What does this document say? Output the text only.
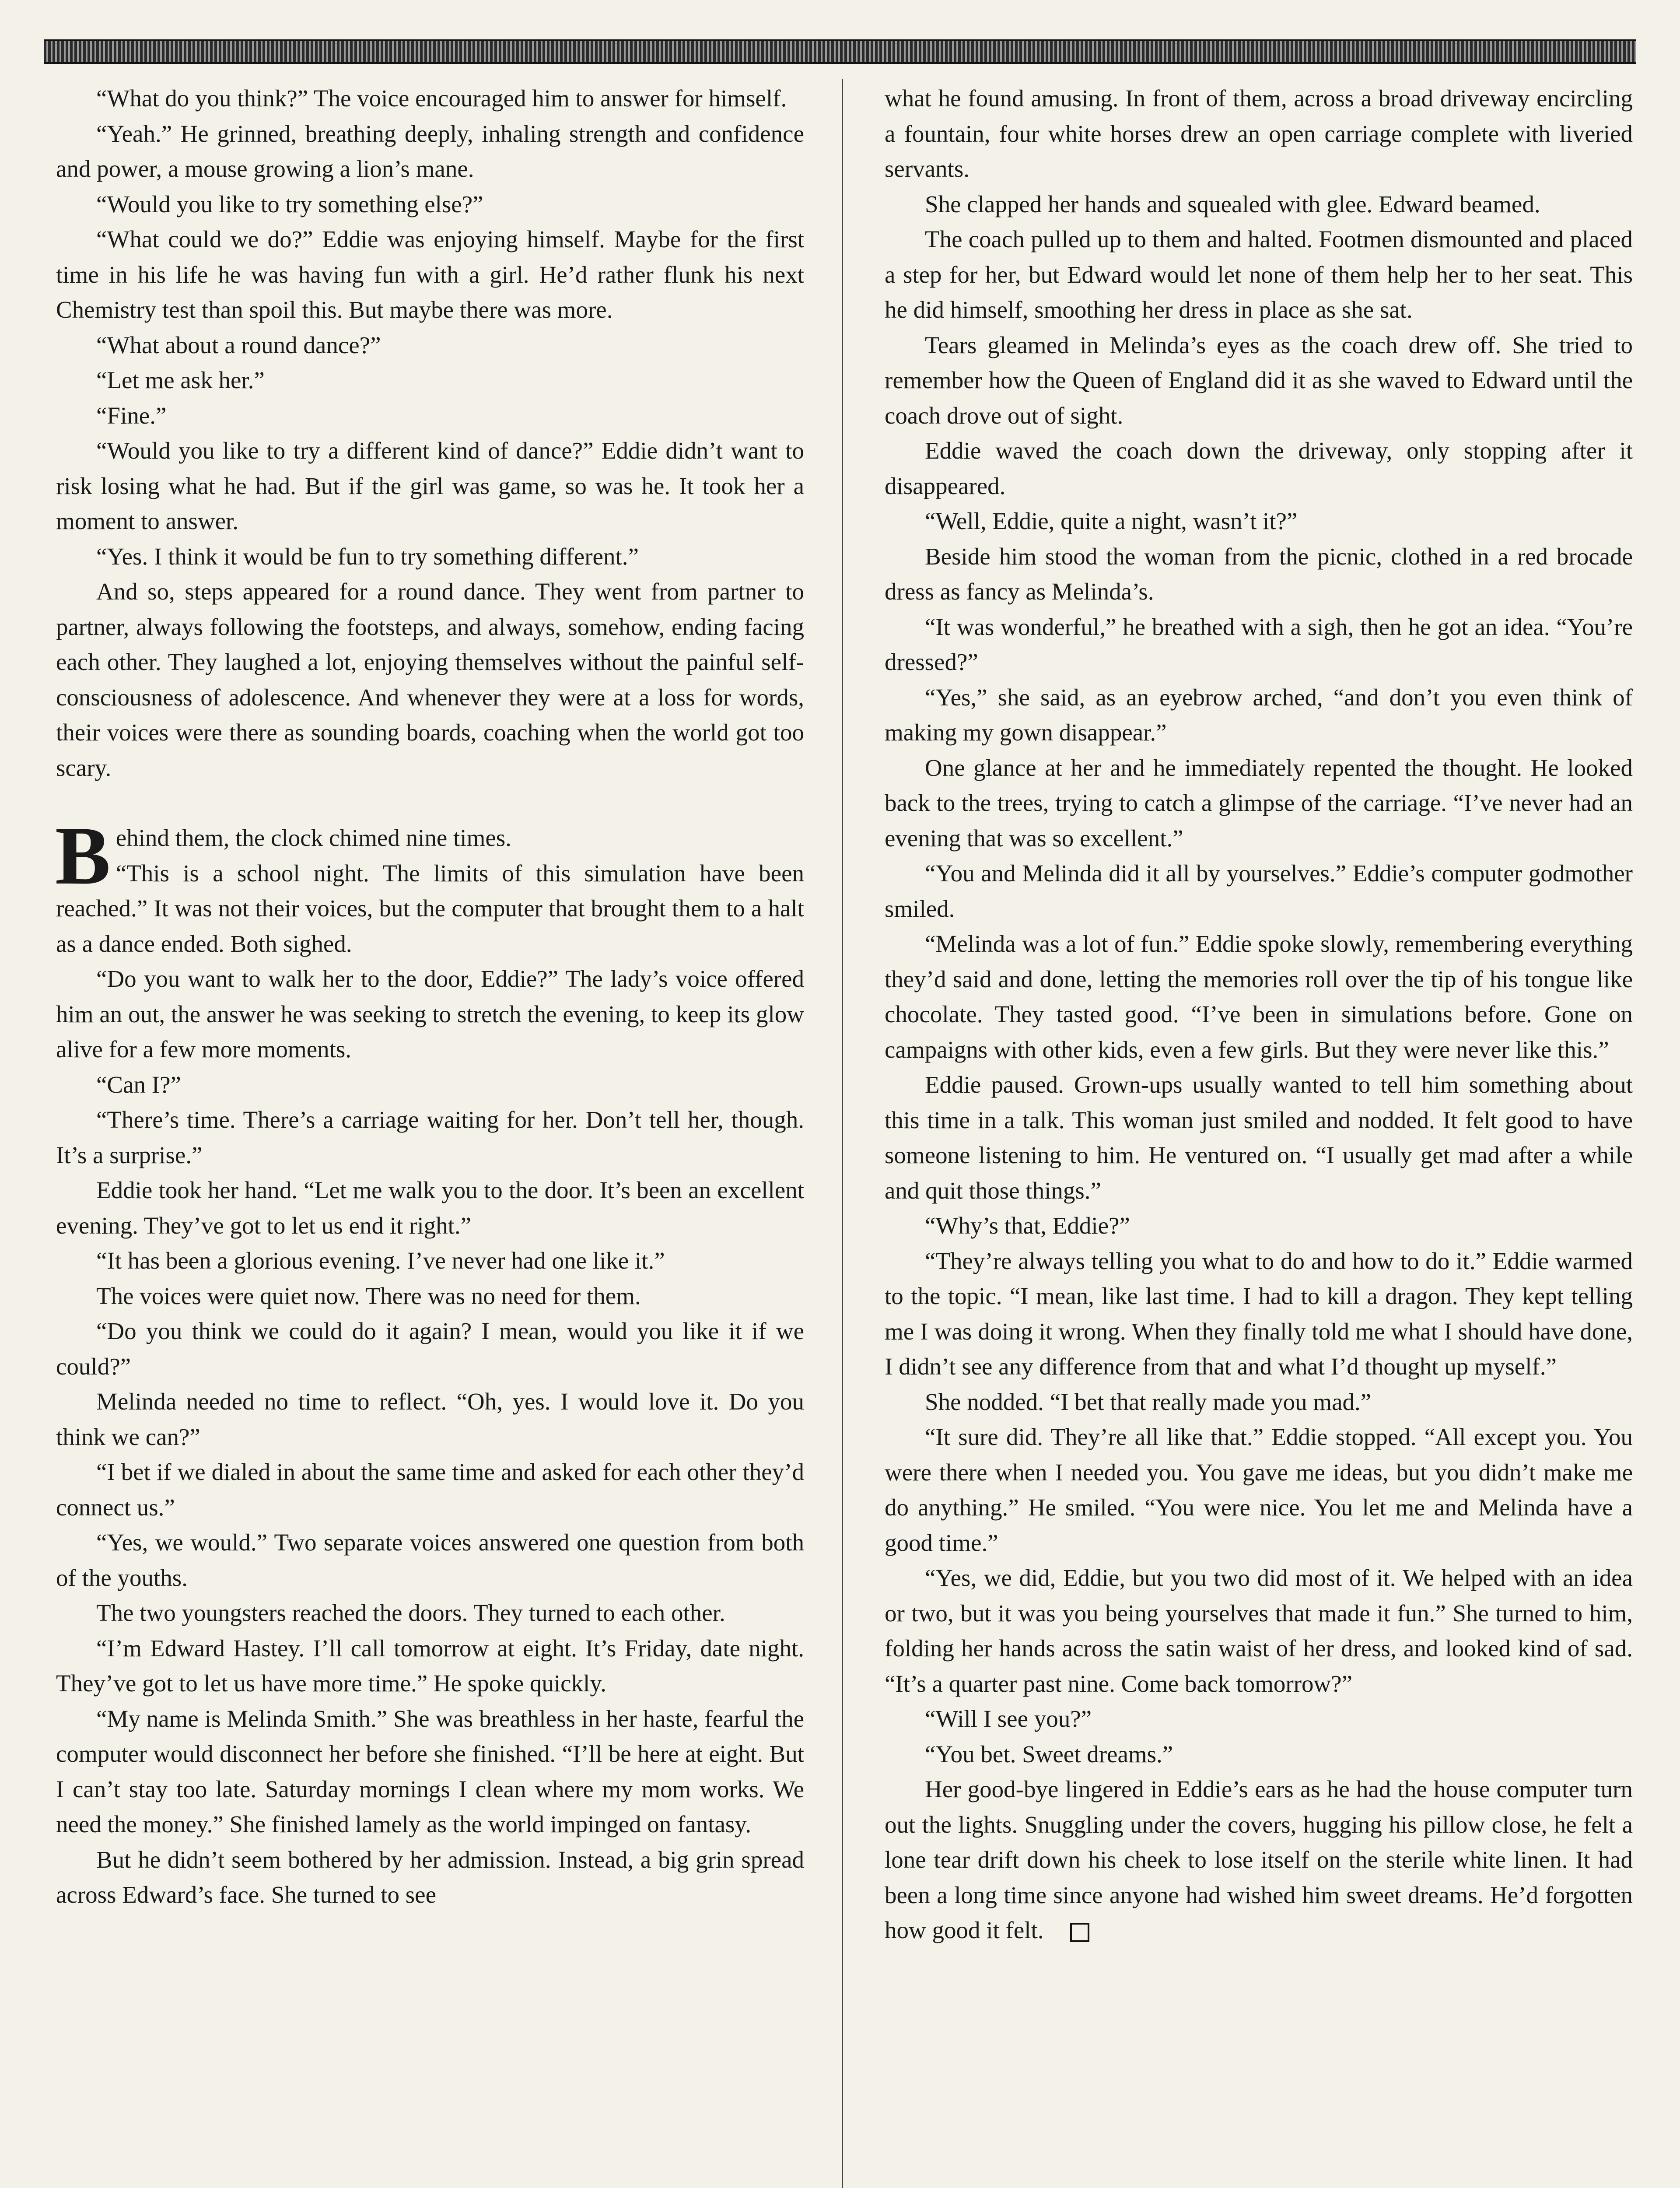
“What do you think?” The voice encouraged him to answer for himself.

“Yeah.” He grinned, breathing deeply, inhaling strength and confidence and power, a mouse growing a lion’s mane.

“Would you like to try something else?”

“What could we do?” Eddie was enjoying himself. Maybe for the first time in his life he was having fun with a girl. He’d rather flunk his next Chemistry test than spoil this. But maybe there was more.

“What about a round dance?”

“Let me ask her.”

“Fine.”

“Would you like to try a different kind of dance?” Eddie didn’t want to risk losing what he had. But if the girl was game, so was he. It took her a moment to answer.

“Yes. I think it would be fun to try something different.”

And so, steps appeared for a round dance. They went from partner to partner, always following the footsteps, and always, somehow, ending facing each other. They laughed a lot, enjoying themselves without the painful self-consciousness of adolescence. And whenever they were at a loss for words, their voices were there as sounding boards, coaching when the world got too scary.

Behind them, the clock chimed nine times.

“This is a school night. The limits of this simulation have been reached.” It was not their voices, but the computer that brought them to a halt as a dance ended. Both sighed.

“Do you want to walk her to the door, Eddie?” The lady’s voice offered him an out, the answer he was seeking to stretch the evening, to keep its glow alive for a few more moments.

“Can I?”

“There’s time. There’s a carriage waiting for her. Don’t tell her, though. It’s a surprise.”

Eddie took her hand. “Let me walk you to the door. It’s been an excellent evening. They’ve got to let us end it right.”

“It has been a glorious evening. I’ve never had one like it.”

The voices were quiet now. There was no need for them.

“Do you think we could do it again? I mean, would you like it if we could?”

Melinda needed no time to reflect. “Oh, yes. I would love it. Do you think we can?”

“I bet if we dialed in about the same time and asked for each other they’d connect us.”

“Yes, we would.” Two separate voices answered one question from both of the youths.

The two youngsters reached the doors. They turned to each other.

“I’m Edward Hastey. I’ll call tomorrow at eight. It’s Friday, date night. They’ve got to let us have more time.” He spoke quickly.

“My name is Melinda Smith.” She was breathless in her haste, fearful the computer would disconnect her before she finished. “I’ll be here at eight. But I can’t stay too late. Saturday mornings I clean where my mom works. We need the money.” She finished lamely as the world impinged on fantasy.

But he didn’t seem bothered by her admission. Instead, a big grin spread across Edward’s face. She turned to see

what he found amusing. In front of them, across a broad driveway encircling a fountain, four white horses drew an open carriage complete with liveried servants.

She clapped her hands and squealed with glee. Edward beamed.

The coach pulled up to them and halted. Footmen dismounted and placed a step for her, but Edward would let none of them help her to her seat. This he did himself, smoothing her dress in place as she sat.

Tears gleamed in Melinda’s eyes as the coach drew off. She tried to remember how the Queen of England did it as she waved to Edward until the coach drove out of sight.

Eddie waved the coach down the driveway, only stopping after it disappeared.

“Well, Eddie, quite a night, wasn’t it?”

Beside him stood the woman from the picnic, clothed in a red brocade dress as fancy as Melinda’s.

“It was wonderful,” he breathed with a sigh, then he got an idea. “You’re dressed?”

“Yes,” she said, as an eyebrow arched, “and don’t you even think of making my gown disappear.”

One glance at her and he immediately repented the thought. He looked back to the trees, trying to catch a glimpse of the carriage. “I’ve never had an evening that was so excellent.”

“You and Melinda did it all by yourselves.” Eddie’s computer godmother smiled.

“Melinda was a lot of fun.” Eddie spoke slowly, remembering everything they’d said and done, letting the memories roll over the tip of his tongue like chocolate. They tasted good. “I’ve been in simulations before. Gone on campaigns with other kids, even a few girls. But they were never like this.”

Eddie paused. Grown-ups usually wanted to tell him something about this time in a talk. This woman just smiled and nodded. It felt good to have someone listening to him. He ventured on. “I usually get mad after a while and quit those things.”

“Why’s that, Eddie?”

“They’re always telling you what to do and how to do it.” Eddie warmed to the topic. “I mean, like last time. I had to kill a dragon. They kept telling me I was doing it wrong. When they finally told me what I should have done, I didn’t see any difference from that and what I’d thought up myself.”

She nodded. “I bet that really made you mad.”

“It sure did. They’re all like that.” Eddie stopped. “All except you. You were there when I needed you. You gave me ideas, but you didn’t make me do anything.” He smiled. “You were nice. You let me and Melinda have a good time.”

“Yes, we did, Eddie, but you two did most of it. We helped with an idea or two, but it was you being yourselves that made it fun.” She turned to him, folding her hands across the satin waist of her dress, and looked kind of sad. “It’s a quarter past nine. Come back tomorrow?”

“Will I see you?”

“You bet. Sweet dreams.”

Her good-bye lingered in Eddie’s ears as he had the house computer turn out the lights. Snuggling under the covers, hugging his pillow close, he felt a lone tear drift down his cheek to lose itself on the sterile white linen. It had been a long time since anyone had wished him sweet dreams. He’d forgotten how good it felt.
